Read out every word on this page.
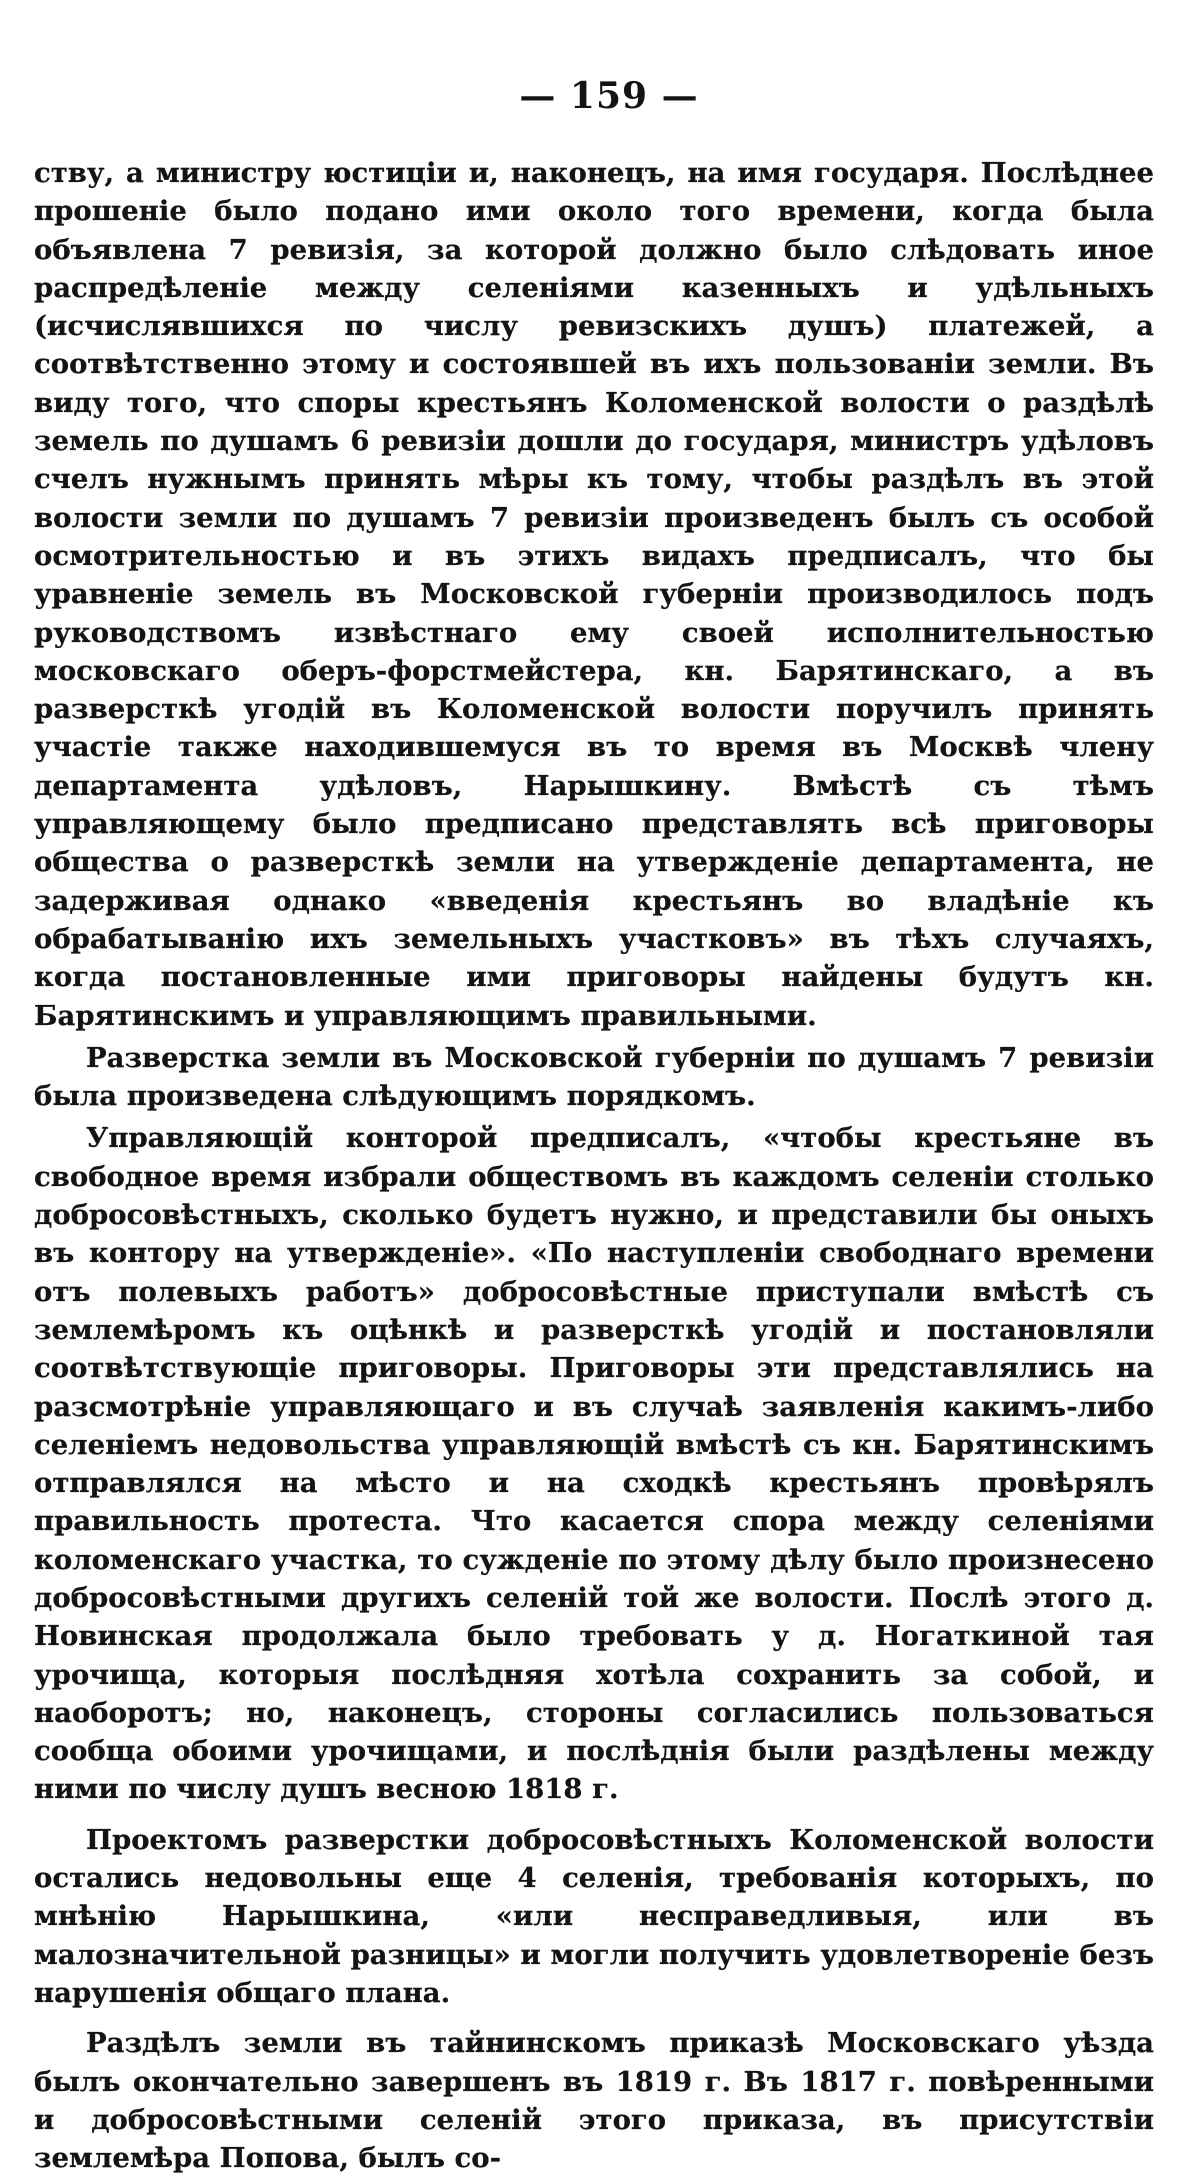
— 159 —

ству, а министру юстиціи и, наконецъ, на имя государя. Послѣднее прошеніе было подано ими около того времени, когда была объявлена 7 ревизія, за которой должно было слѣдовать иное распредѣленіе между селеніями казенныхъ и удѣльныхъ (исчислявшихся по числу ревизскихъ душъ) платежей, а соотвѣтственно этому и состоявшей въ ихъ пользованіи земли. Въ виду того, что споры крестьянъ Коломенской волости о раздѣлѣ земель по душамъ 6 ревизіи дошли до государя, министръ удѣловъ счелъ нужнымъ принять мѣры къ тому, чтобы раздѣлъ въ этой волости земли по душамъ 7 ревизіи произведенъ былъ съ особой осмотрительностью и въ этихъ видахъ предписалъ, что бы уравненіе земель въ Московской губерніи производилось подъ руководствомъ извѣстнаго ему своей исполнительностью московскаго оберъ-форстмейстера, кн. Барятинскаго, а въ разверсткѣ угодій въ Коломенской волости поручилъ принять участіе также находившемуся въ то время въ Москвѣ члену департамента удѣловъ, Нарышкину. Вмѣстѣ съ тѣмъ управляющему было предписано представлять всѣ приговоры общества о разверсткѣ земли на утвержденіе департамента, не задерживая однако «введенія крестьянъ во владѣніе къ обрабатыванію ихъ земельныхъ участковъ» въ тѣхъ случаяхъ, когда постановленные ими приговоры найдены будутъ кн. Барятинскимъ и управляющимъ правильными.

Разверстка земли въ Московской губерніи по душамъ 7 ревизіи была произведена слѣдующимъ порядкомъ.

Управляющій конторой предписалъ, «чтобы крестьяне въ свободное время избрали обществомъ въ каждомъ селеніи столько добросовѣстныхъ, сколько будетъ нужно, и представили бы оныхъ въ контору на утвержденіе». «По наступленіи свободнаго времени отъ полевыхъ работъ» добросовѣстные приступали вмѣстѣ съ землемѣромъ къ оцѣнкѣ и разверсткѣ угодій и постановляли соотвѣтствующіе приговоры. Приговоры эти представлялись на разсмотрѣніе управляющаго и въ случаѣ заявленія какимъ-либо селеніемъ недовольства управляющій вмѣстѣ съ кн. Барятинскимъ отправлялся на мѣсто и на сходкѣ крестьянъ провѣрялъ правильность протеста. Что касается спора между селеніями коломенскаго участка, то сужденіе по этому дѣлу было произнесено добросовѣстными другихъ селеній той же волости. Послѣ этого д. Новинская продолжала было требовать у д. Ногаткиной тая урочища, которыя послѣдняя хотѣла сохранить за собой, и наоборотъ; но, наконецъ, стороны согласились пользоваться сообща обоими урочищами, и послѣднія были раздѣлены между ними по числу душъ весною 1818 г.

Проектомъ разверстки добросовѣстныхъ Коломенской волости остались недовольны еще 4 селенія, требованія которыхъ, по мнѣнію Нарышкина, «или несправедливыя, или въ малозначительной разницы» и могли получить удовлетвореніе безъ нарушенія общаго плана.

Раздѣлъ земли въ тайнинскомъ приказѣ Московскаго уѣзда былъ окончательно завершенъ въ 1819 г. Въ 1817 г. повѣренными и добросовѣстными селеній этого приказа, въ присутствіи землемѣра Попова, былъ со-
